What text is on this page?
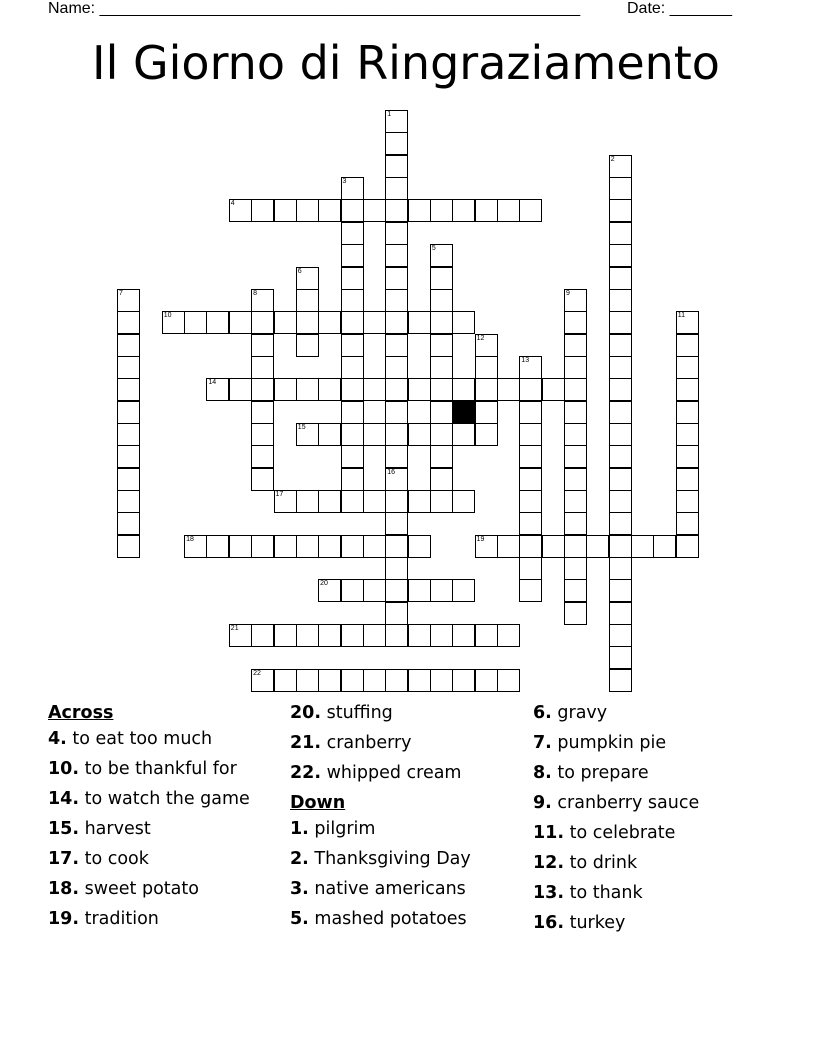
Name: ______________________________________________________	Date: _______
Il Giorno di Ringraziamento
4
10
14
15
17
18	19
20
21
22
1
16
2
3
5
6
7	8	9
11
12
13
Across
4. to eat too much
10. to be thankful for
14. to watch the game
15. harvest
17. to cook
18. sweet potato
19. tradition
20. stuffing
21. cranberry
22. whipped cream
Down
1. pilgrim
2. Thanksgiving Day
3. native americans
5. mashed potatoes
6. gravy
7. pumpkin pie
8. to prepare
9. cranberry sauce
11. to celebrate
12. to drink
13. to thank
16. turkey
